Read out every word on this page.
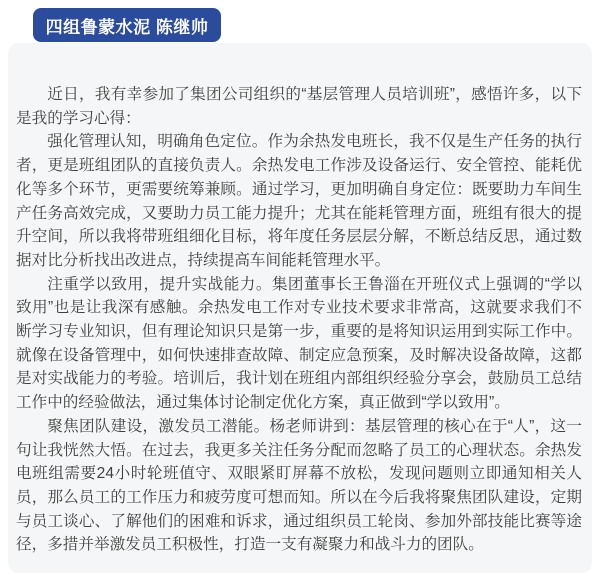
四组鲁蒙水泥 陈继帅

近日，我有幸参加了集团公司组织的“基层管理人员培训班”，感悟许多，以下是我的学习心得：

强化管理认知，明确角色定位。作为余热发电班长，我不仅是生产任务的执行者，更是班组团队的直接负责人。余热发电工作涉及设备运行、安全管控、能耗优化等多个环节，更需要统筹兼顾。通过学习，更加明确自身定位：既要助力车间生产任务高效完成，又要助力员工能力提升；尤其在能耗管理方面，班组有很大的提升空间，所以我将带班组细化目标，将年度任务层层分解，不断总结反思，通过数据对比分析找出改进点，持续提高车间能耗管理水平。

注重学以致用，提升实战能力。集团董事长王鲁淄在开班仪式上强调的“学以致用”也是让我深有感触。余热发电工作对专业技术要求非常高，这就要求我们不断学习专业知识，但有理论知识只是第一步，重要的是将知识运用到实际工作中。就像在设备管理中，如何快速排查故障、制定应急预案，及时解决设备故障，这都是对实战能力的考验。培训后，我计划在班组内部组织经验分享会，鼓励员工总结工作中的经验做法，通过集体讨论制定优化方案，真正做到“学以致用”。

聚焦团队建设，激发员工潜能。杨老师讲到：基层管理的核心在于“人”，这一句让我恍然大悟。在过去，我更多关注任务分配而忽略了员工的心理状态。余热发电班组需要24小时轮班值守、双眼紧盯屏幕不放松，发现问题则立即通知相关人员，那么员工的工作压力和疲劳度可想而知。所以在今后我将聚焦团队建设，定期与员工谈心、了解他们的困难和诉求，通过组织员工轮岗、参加外部技能比赛等途径，多措并举激发员工积极性，打造一支有凝聚力和战斗力的团队。
